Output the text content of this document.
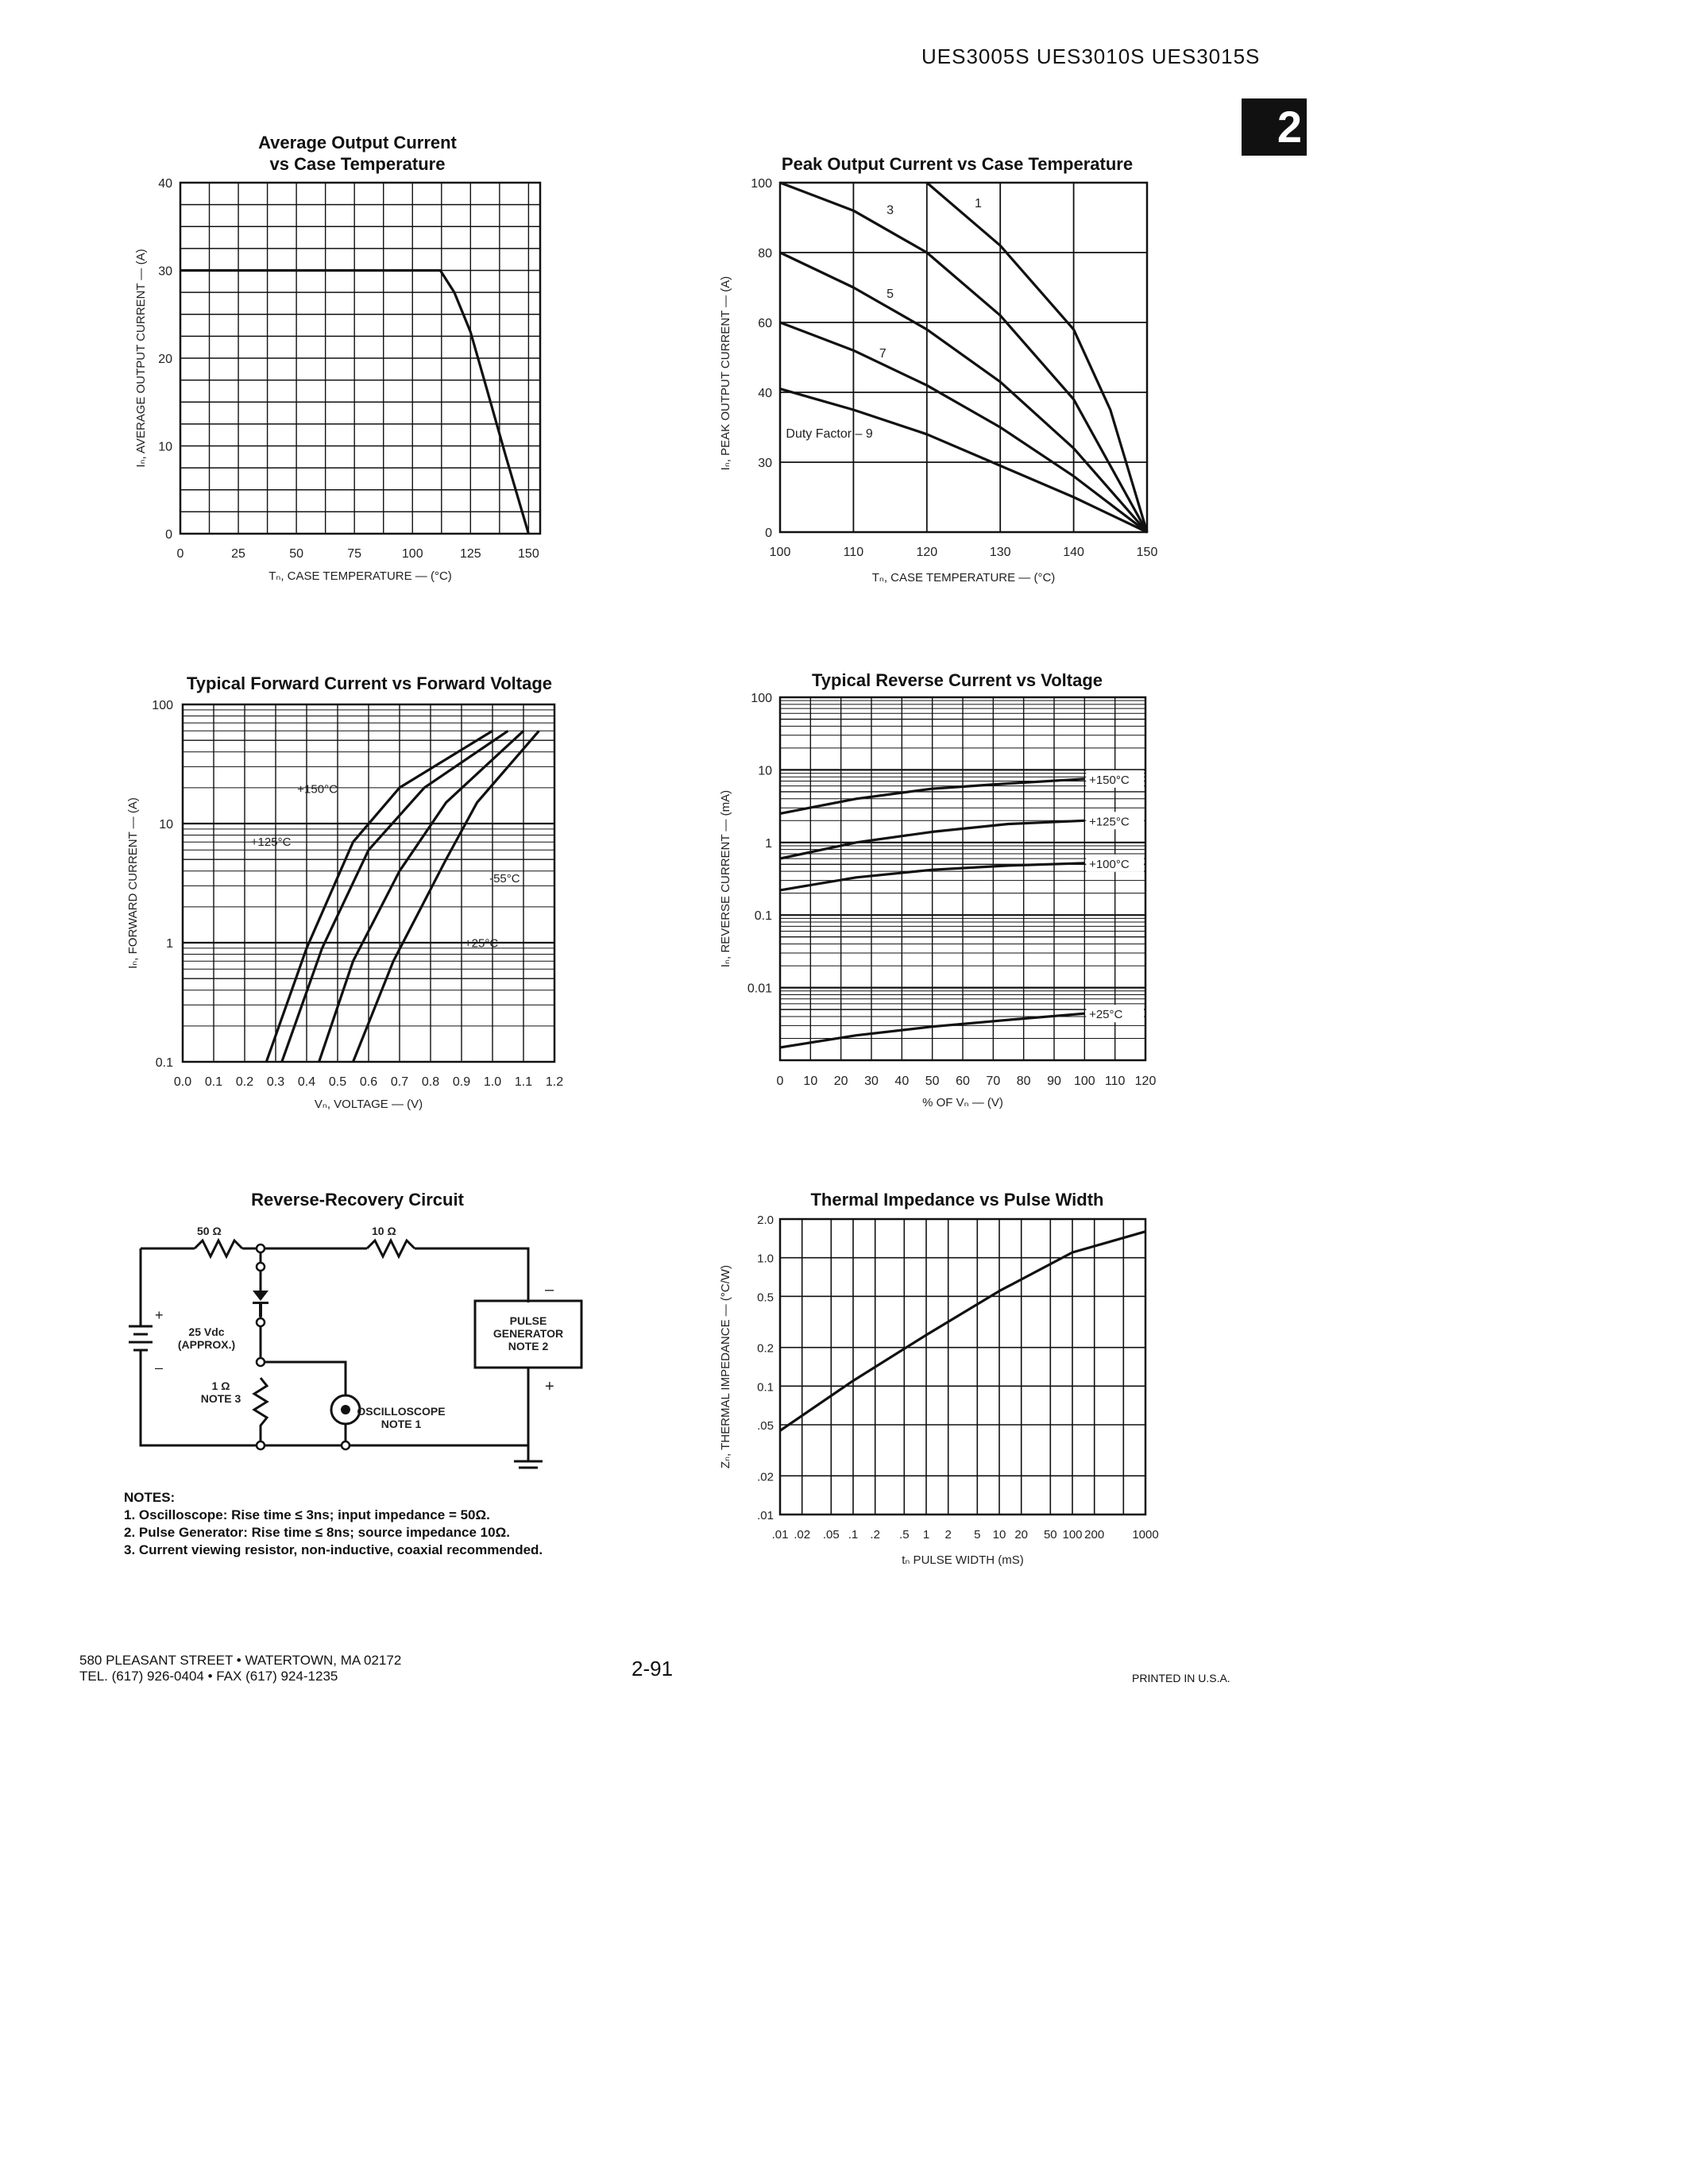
UES3005S UES3010S UES3015S
2
Average Output Current
vs Case Temperature	Peak Output Current vs Case Temperature
Typical Forward Current vs Forward Voltage	Typical Reverse Current vs Voltage
Thermal Impedance vs Pulse Width
0	25	50	75	100	125	150
0
10
20
30
40
Tₙ, CASE TEMPERATURE — (°C)
Iₙ, AVERAGE OUTPUT CURRENT — (A)
100	110	120	130	140	150
0
30
40
60
80
100
1
3
5
7
Duty Factor – 9
Tₙ, CASE TEMPERATURE — (°C)
Iₙ, PEAK OUTPUT CURRENT — (A)
0.0 0.1 0.2 0.3 0.4 0.5 0.6 0.7 0.8 0.9 1.0 1.1 1.2
0.1
1
10
100
+150°C
+125°C
-55°C
+25°C
Vₙ, VOLTAGE — (V)
Iₙ, FORWARD CURRENT — (A)
0 10 20 30 40 50 60 70 80 90 100 110 120
0.01
0.1
1
10
100
+150°C
+125°C
+100°C
+25°C
% OF Vₙ — (V)
Iₙ, REVERSE CURRENT — (mA)
.01 .02 .05 .1 .2 .5 1 2 5 10 20 50 100 200 1000
.01
.02
.05
0.1
0.2
0.5
1.0
2.0
tₙ PULSE WIDTH (mS)
Zₙ, THERMAL IMPEDANCE — (°C/W)
Reverse-Recovery Circuit
50 Ω	10 Ω
+
–
–
+
25 Vdc (APPROX.)
1 Ω NOTE 3
PULSE GENERATOR NOTE 2
OSCILLOSCOPE NOTE 1
NOTES:
1. Oscilloscope: Rise time ≤ 3ns; input impedance = 50Ω.
2. Pulse Generator: Rise time ≤ 8ns; source impedance 10Ω.
3. Current viewing resistor, non-inductive, coaxial recommended.
580 PLEASANT STREET • WATERTOWN, MA 02172
TEL. (617) 926-0404 • FAX (617) 924-1235	2-91	PRINTED IN U.S.A.
